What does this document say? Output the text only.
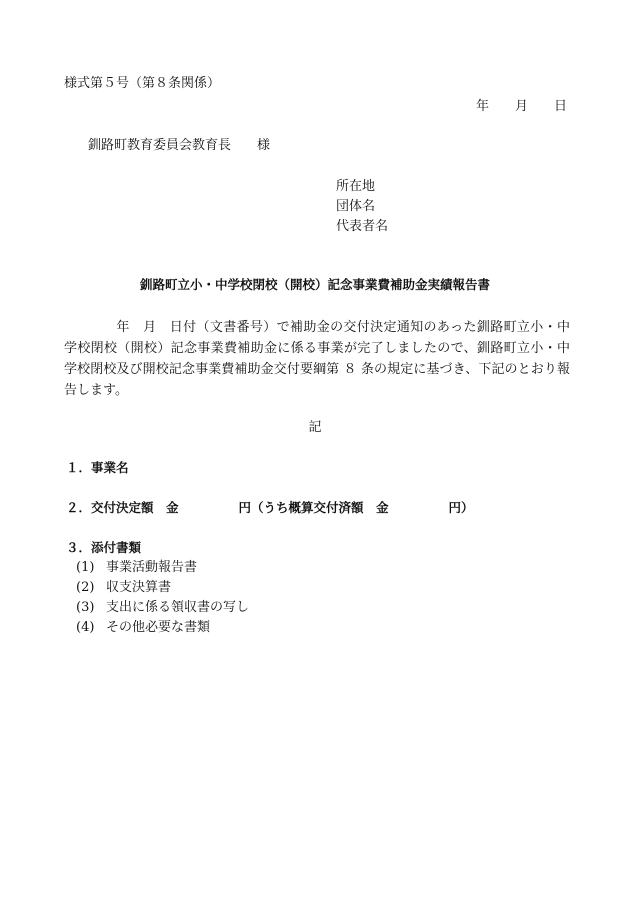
様式第５号（第８条関係）
年 月 日
釧路町教育委員会教育長　　様
所在地
団体名
代表者名
釧路町立小・中学校閉校（開校）記念事業費補助金実績報告書
年　月　日付（文書番号）で補助金の交付決定通知のあった釧路町立小・中学校閉校（開校）記念事業費補助金に係る事業が完了しましたので、釧路町立小・中学校閉校及び開校記念事業費補助金交付要綱第 ８ 条の規定に基づき、下記のとおり報告します。
記
１．事業名
２．交付決定額　金	円（うち概算交付済額　金	円）
３．添付書類
(1) 事業活動報告書
(2) 収支決算書
(3) 支出に係る領収書の写し
(4) その他必要な書類
